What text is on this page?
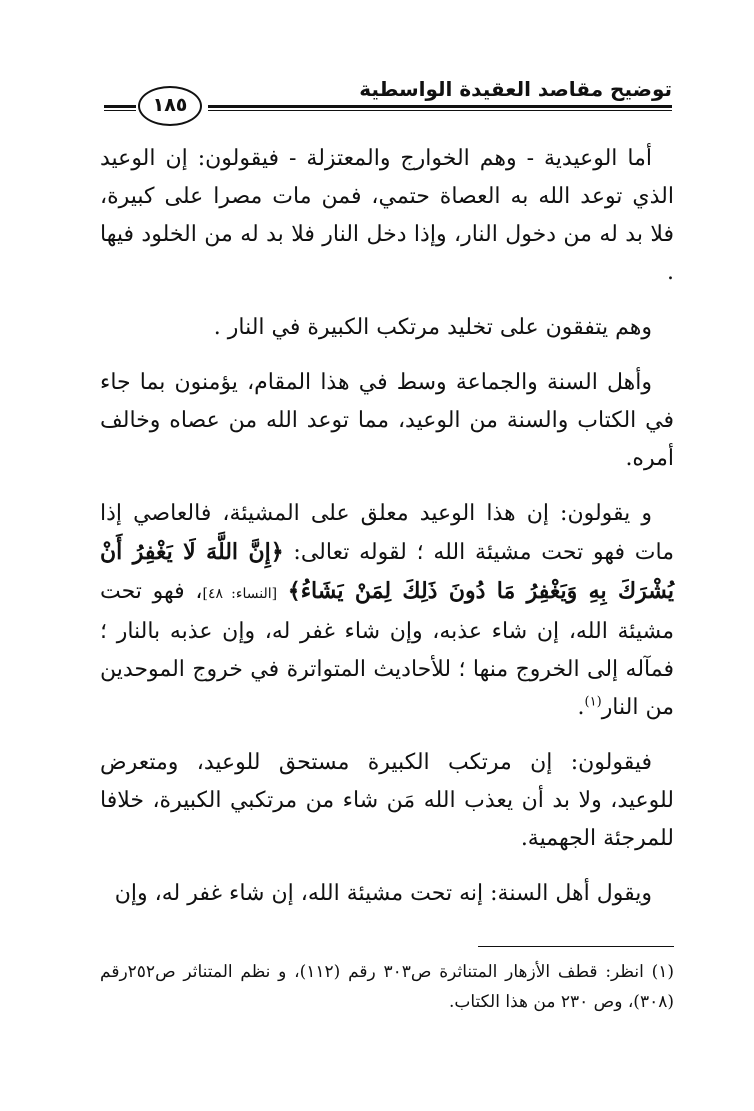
توضيح مقاصد العقيدة الواسطية
١٨٥

أما الوعيدية - وهم الخوارج والمعتزلة - فيقولون: إن الوعيد الذي توعد الله به العصاة حتمي، فمن مات مصرا على كبيرة، فلا بد له من دخول النار، وإذا دخل النار فلا بد له من الخلود فيها .

وهم يتفقون على تخليد مرتكب الكبيرة في النار .

وأهل السنة والجماعة وسط في هذا المقام، يؤمنون بما جاء في الكتاب والسنة من الوعيد، مما توعد الله من عصاه وخالف أمره.

و يقولون: إن هذا الوعيد معلق على المشيئة، فالعاصي إذا مات فهو تحت مشيئة الله ؛ لقوله تعالى: ﴿إِنَّ اللَّهَ لَا يَغْفِرُ أَنْ يُشْرَكَ بِهِ وَيَغْفِرُ مَا دُونَ ذَلِكَ لِمَنْ يَشَاءُ﴾ [النساء: ٤٨]، فهو تحت مشيئة الله، إن شاء عذبه، وإن شاء غفر له، وإن عذبه بالنار ؛ فمآله إلى الخروج منها ؛ للأحاديث المتواترة في خروج الموحدين من النار$^{(١)}$.

فيقولون: إن مرتكب الكبيرة مستحق للوعيد، ومتعرض للوعيد، ولا بد أن يعذب الله مَن شاء من مرتكبي الكبيرة، خلافا للمرجئة الجهمية.

ويقول أهل السنة: إنه تحت مشيئة الله، إن شاء غفر له، وإن

(١) انظر: قطف الأزهار المتناثرة ص٣٠٣ رقم (١١٢)، و نظم المتناثر ص٢٥٢رقم (٣٠٨)، وص ٢٣٠ من هذا الكتاب.
